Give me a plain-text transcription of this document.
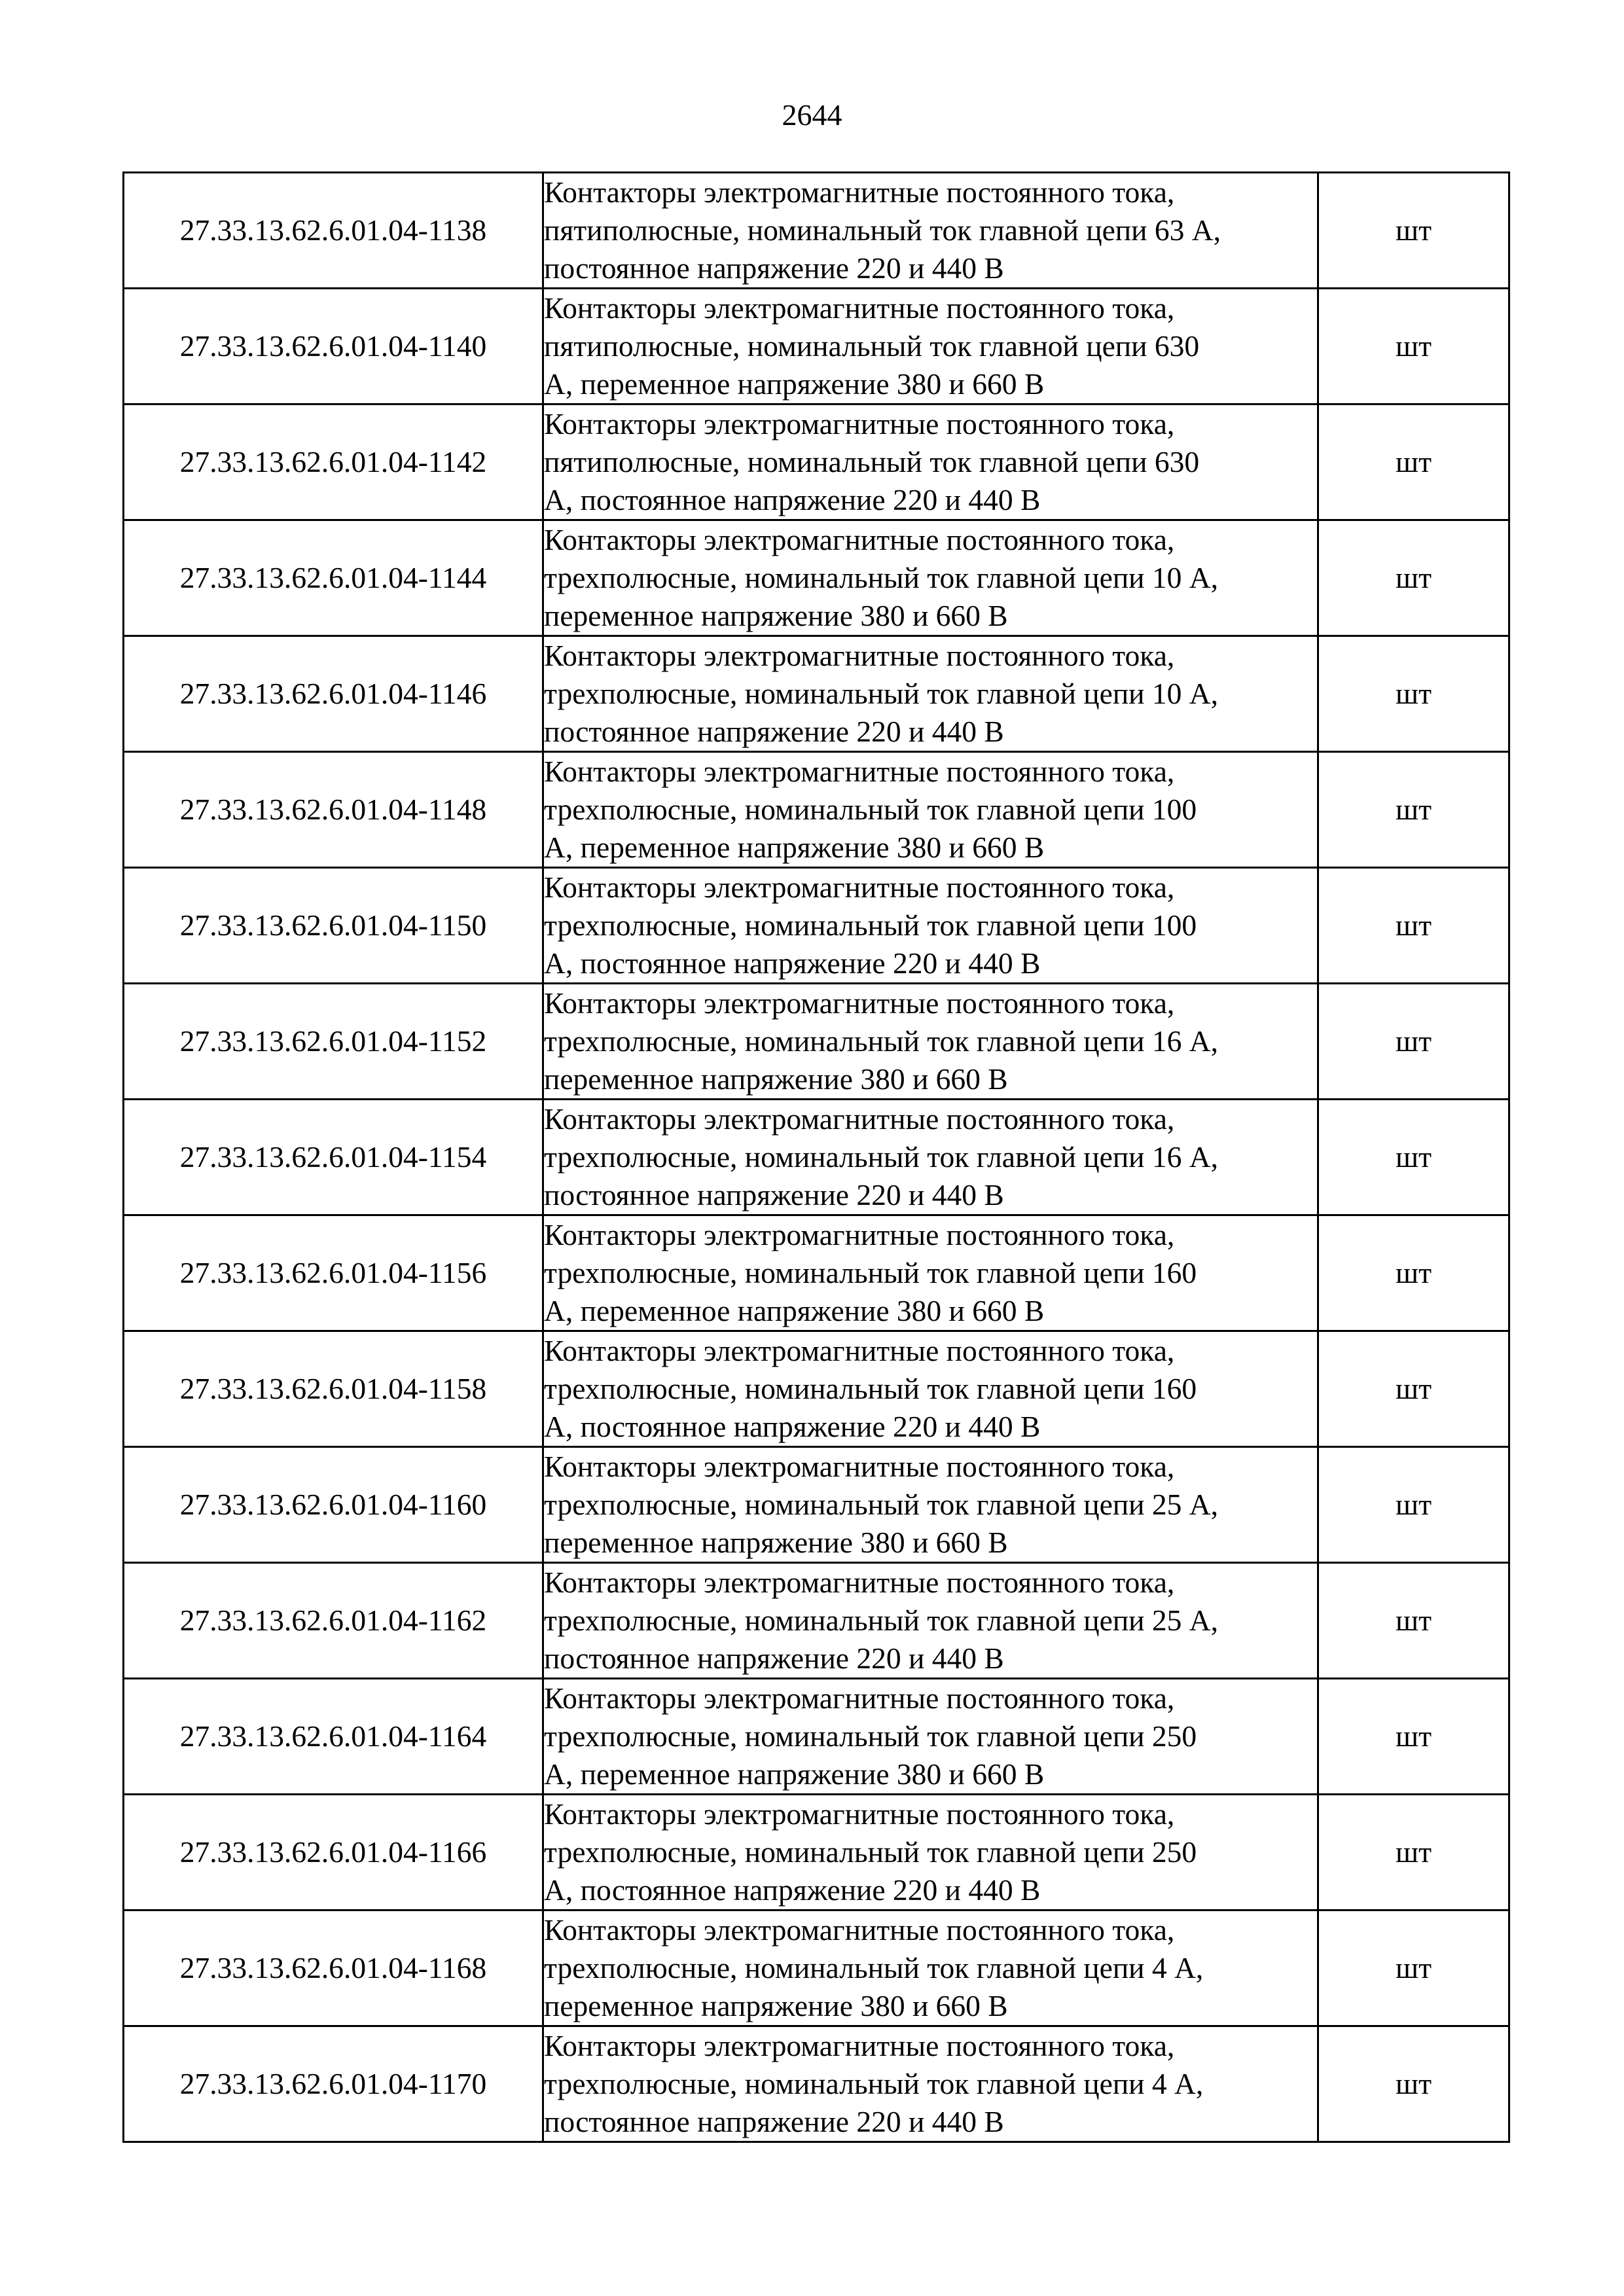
2644
27.33.13.62.6.01.04-1138	Контакторы электромагнитные постоянного тока,
пятиполюсные, номинальный ток главной цепи 63 А,
постоянное напряжение 220 и 440 В	шт
27.33.13.62.6.01.04-1140	Контакторы электромагнитные постоянного тока,
пятиполюсные, номинальный ток главной цепи 630
А, переменное напряжение 380 и 660 В	шт
27.33.13.62.6.01.04-1142	Контакторы электромагнитные постоянного тока,
пятиполюсные, номинальный ток главной цепи 630
А, постоянное напряжение 220 и 440 В	шт
27.33.13.62.6.01.04-1144	Контакторы электромагнитные постоянного тока,
трехполюсные, номинальный ток главной цепи 10 А,
переменное напряжение 380 и 660 В	шт
27.33.13.62.6.01.04-1146	Контакторы электромагнитные постоянного тока,
трехполюсные, номинальный ток главной цепи 10 А,
постоянное напряжение 220 и 440 В	шт
27.33.13.62.6.01.04-1148	Контакторы электромагнитные постоянного тока,
трехполюсные, номинальный ток главной цепи 100
А, переменное напряжение 380 и 660 В	шт
27.33.13.62.6.01.04-1150	Контакторы электромагнитные постоянного тока,
трехполюсные, номинальный ток главной цепи 100
А, постоянное напряжение 220 и 440 В	шт
27.33.13.62.6.01.04-1152	Контакторы электромагнитные постоянного тока,
трехполюсные, номинальный ток главной цепи 16 А,
переменное напряжение 380 и 660 В	шт
27.33.13.62.6.01.04-1154	Контакторы электромагнитные постоянного тока,
трехполюсные, номинальный ток главной цепи 16 А,
постоянное напряжение 220 и 440 В	шт
27.33.13.62.6.01.04-1156	Контакторы электромагнитные постоянного тока,
трехполюсные, номинальный ток главной цепи 160
А, переменное напряжение 380 и 660 В	шт
27.33.13.62.6.01.04-1158	Контакторы электромагнитные постоянного тока,
трехполюсные, номинальный ток главной цепи 160
А, постоянное напряжение 220 и 440 В	шт
27.33.13.62.6.01.04-1160	Контакторы электромагнитные постоянного тока,
трехполюсные, номинальный ток главной цепи 25 А,
переменное напряжение 380 и 660 В	шт
27.33.13.62.6.01.04-1162	Контакторы электромагнитные постоянного тока,
трехполюсные, номинальный ток главной цепи 25 А,
постоянное напряжение 220 и 440 В	шт
27.33.13.62.6.01.04-1164	Контакторы электромагнитные постоянного тока,
трехполюсные, номинальный ток главной цепи 250
А, переменное напряжение 380 и 660 В	шт
27.33.13.62.6.01.04-1166	Контакторы электромагнитные постоянного тока,
трехполюсные, номинальный ток главной цепи 250
А, постоянное напряжение 220 и 440 В	шт
27.33.13.62.6.01.04-1168	Контакторы электромагнитные постоянного тока,
трехполюсные, номинальный ток главной цепи 4 А,
переменное напряжение 380 и 660 В	шт
27.33.13.62.6.01.04-1170	Контакторы электромагнитные постоянного тока,
трехполюсные, номинальный ток главной цепи 4 А,
постоянное напряжение 220 и 440 В	шт
